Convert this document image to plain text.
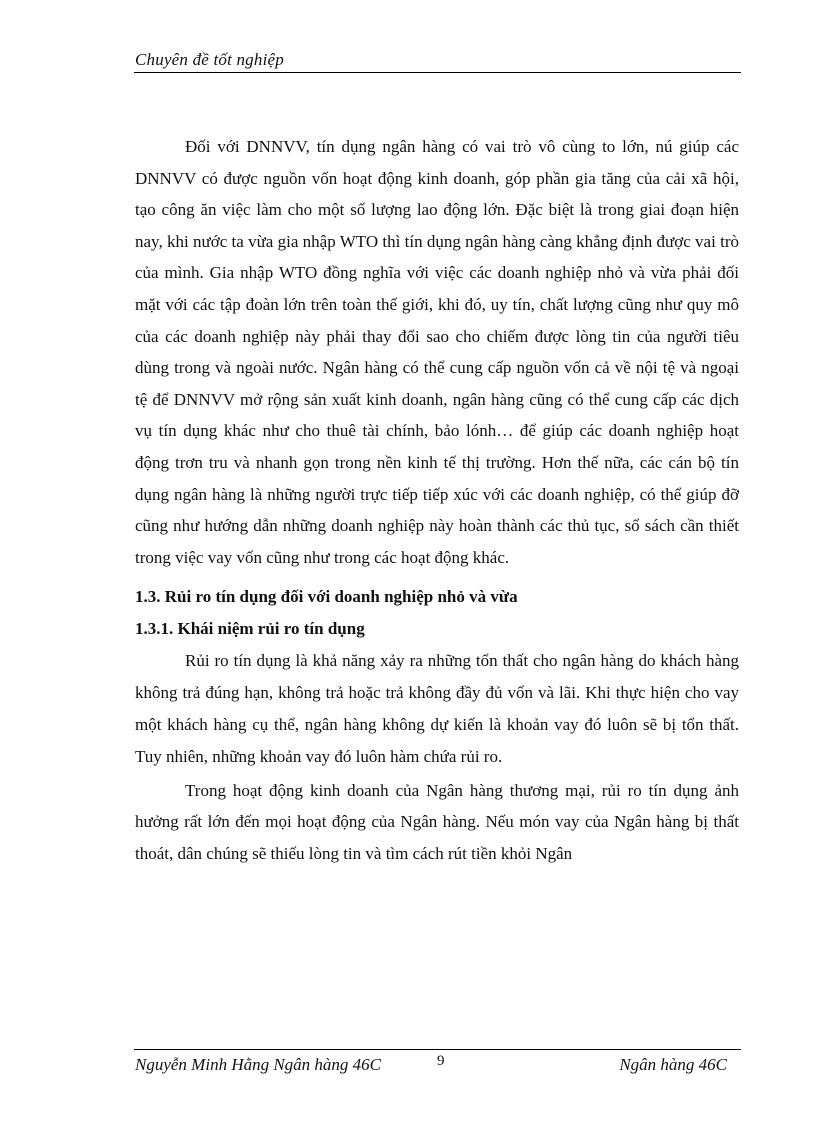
Chuyên đề tốt nghiệp

Đối với DNNVV, tín dụng ngân hàng có vai trò vô cùng to lớn, nú giúp các DNNVV có được nguồn vốn hoạt động kinh doanh, góp phần gia tăng của cải xã hội, tạo công ăn việc làm cho một số lượng lao động lớn. Đặc biệt là trong giai đoạn hiện nay, khi nước ta vừa gia nhập WTO thì tín dụng ngân hàng càng khẳng định được vai trò của mình. Gia nhập WTO đồng nghĩa với việc các doanh nghiệp nhỏ và vừa phải đối mặt với các tập đoàn lớn trên toàn thế giới, khi đó, uy tín, chất lượng cũng như quy mô của các doanh nghiệp này phải thay đổi sao cho chiếm được lòng tin của người tiêu dùng trong và ngoài nước. Ngân hàng có thể cung cấp nguồn vốn cả về nội tệ và ngoại tệ để DNNVV mở rộng sản xuất kinh doanh, ngân hàng cũng có thể cung cấp các dịch vụ tín dụng khác như cho thuê tài chính, bảo lónh… để giúp các doanh nghiệp hoạt động trơn tru và nhanh gọn trong nền kinh tế thị trường. Hơn thế nữa, các cán bộ tín dụng ngân hàng là những người trực tiếp tiếp xúc với các doanh nghiệp, có thể giúp đỡ cũng như hướng dẫn những doanh nghiệp này hoàn thành các thủ tục, sổ sách cần thiết trong việc vay vốn cũng như trong các hoạt động khác.

1.3. Rủi ro tín dụng đối với doanh nghiệp nhỏ và vừa
1.3.1. Khái niệm rủi ro tín dụng

Rủi ro tín dụng là khả năng xảy ra những tổn thất cho ngân hàng do khách hàng không trả đúng hạn, không trả hoặc trả không đầy đủ vốn và lãi. Khi thực hiện cho vay một khách hàng cụ thể, ngân hàng không dự kiến là khoản vay đó luôn sẽ bị tổn thất. Tuy nhiên, những khoản vay đó luôn hàm chứa rủi ro.

Trong hoạt động kinh doanh của Ngân hàng thương mại, rủi ro tín dụng ảnh hưởng rất lớn đến mọi hoạt động của Ngân hàng. Nếu món vay của Ngân hàng bị thất thoát, dân chúng sẽ thiếu lòng tin và tìm cách rút tiền khỏi Ngân

Nguyễn Minh Hằng Ngân hàng 46C	9	Ngân hàng 46C
